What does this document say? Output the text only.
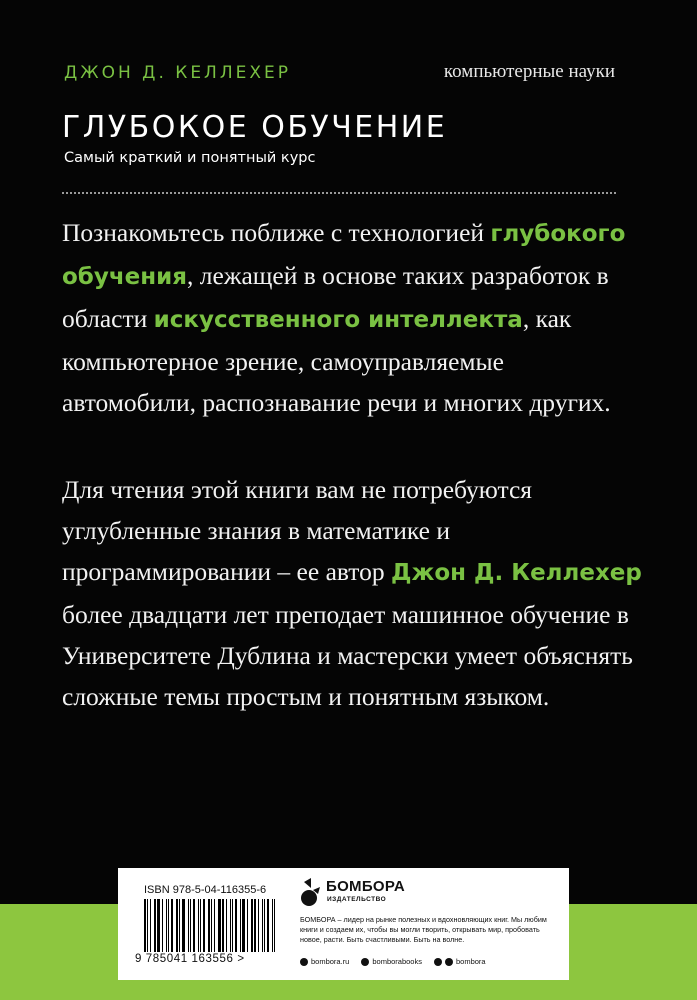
ДЖОН Д. КЕЛЛЕХЕР	компьютерные науки
ГЛУБОКОЕ ОБУЧЕНИЕ
Самый краткий и понятный курс
Познакомьтесь поближе с технологией глубокого обучения, лежащей в основе таких разработок в области искусственного интеллекта, как компьютерное зрение, самоуправляемые автомобили, распознавание речи и многих других.
Для чтения этой книги вам не потребуются углубленные знания в математике и программировании – ее автор Джон Д. Келлехер более двадцати лет преподает машинное обучение в Университете Дублина и мастерски умеет объяснять сложные темы простым и понятным языком.
ISBN 978-5-04-116355-6
9 785041 163556 >
БОМБОРА
ИЗДАТЕЛЬСТВО
БОМБОРА – лидер на рынке полезных и вдохновляющих книг. Мы любим книги и создаем их, чтобы вы могли творить, открывать мир, пробовать новое, расти. Быть счастливыми. Быть на волне.
bombora.ru	bomborabooks	bombora
